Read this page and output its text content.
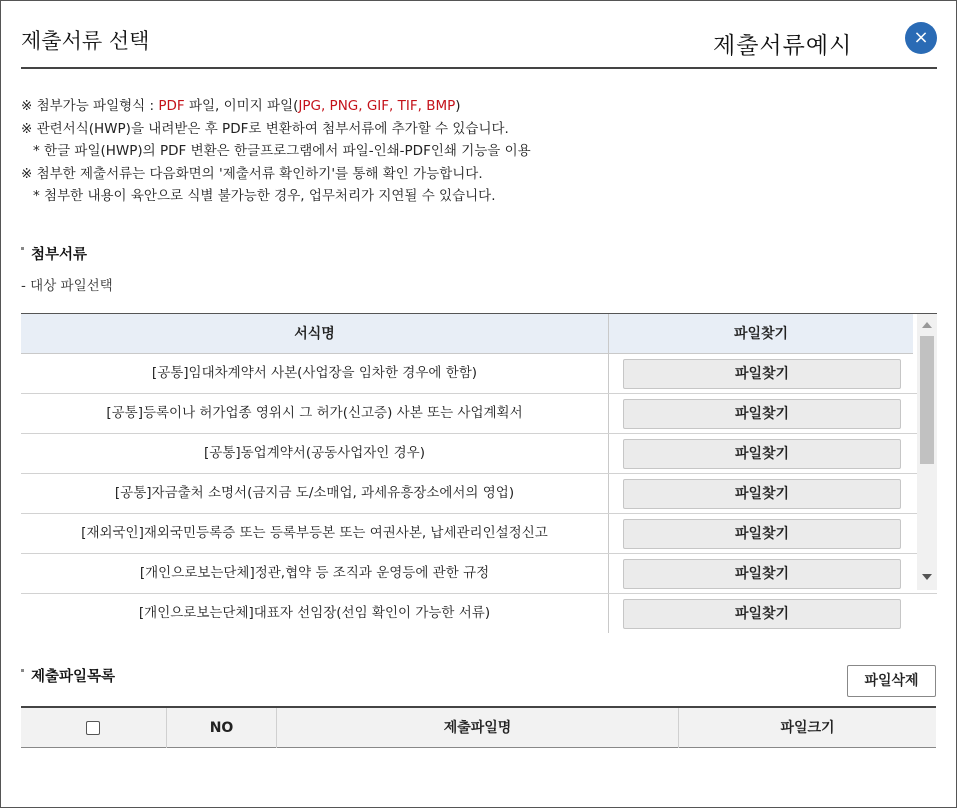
제출서류 선택	제출서류예시	×
※ 첨부가능 파일형식 : PDF 파일, 이미지 파일(JPG, PNG, GIF, TIF, BMP)
※ 관련서식(HWP)을 내려받은 후 PDF로 변환하여 첨부서류에 추가할 수 있습니다.
* 한글 파일(HWP)의 PDF 변환은 한글프로그램에서 파일-인쇄-PDF인쇄 기능을 이용
※ 첨부한 제출서류는 다음화면의 '제출서류 확인하기'를 통해 확인 가능합니다.
* 첨부한 내용이 육안으로 식별 불가능한 경우, 업무처리가 지연될 수 있습니다.
첨부서류
- 대상 파일선택
서식명	파일찾기
[공통]임대차계약서 사본(사업장을 임차한 경우에 한함)	파일찾기
[공통]등록이나 허가업종 영위시 그 허가(신고증) 사본 또는 사업계획서	파일찾기
[공통]동업계약서(공동사업자인 경우)	파일찾기
[공통]자금출처 소명서(금지금 도/소매업, 과세유흥장소에서의 영업)	파일찾기
[재외국인]재외국민등록증 또는 등록부등본 또는 여권사본, 납세관리인설정신고	파일찾기
[개인으로보는단체]정관,협약 등 조직과 운영등에 관한 규정	파일찾기
[개인으로보는단체]대표자 선임장(선임 확인이 가능한 서류)	파일찾기
제출파일목록	파일삭제
NO	제출파일명	파일크기
